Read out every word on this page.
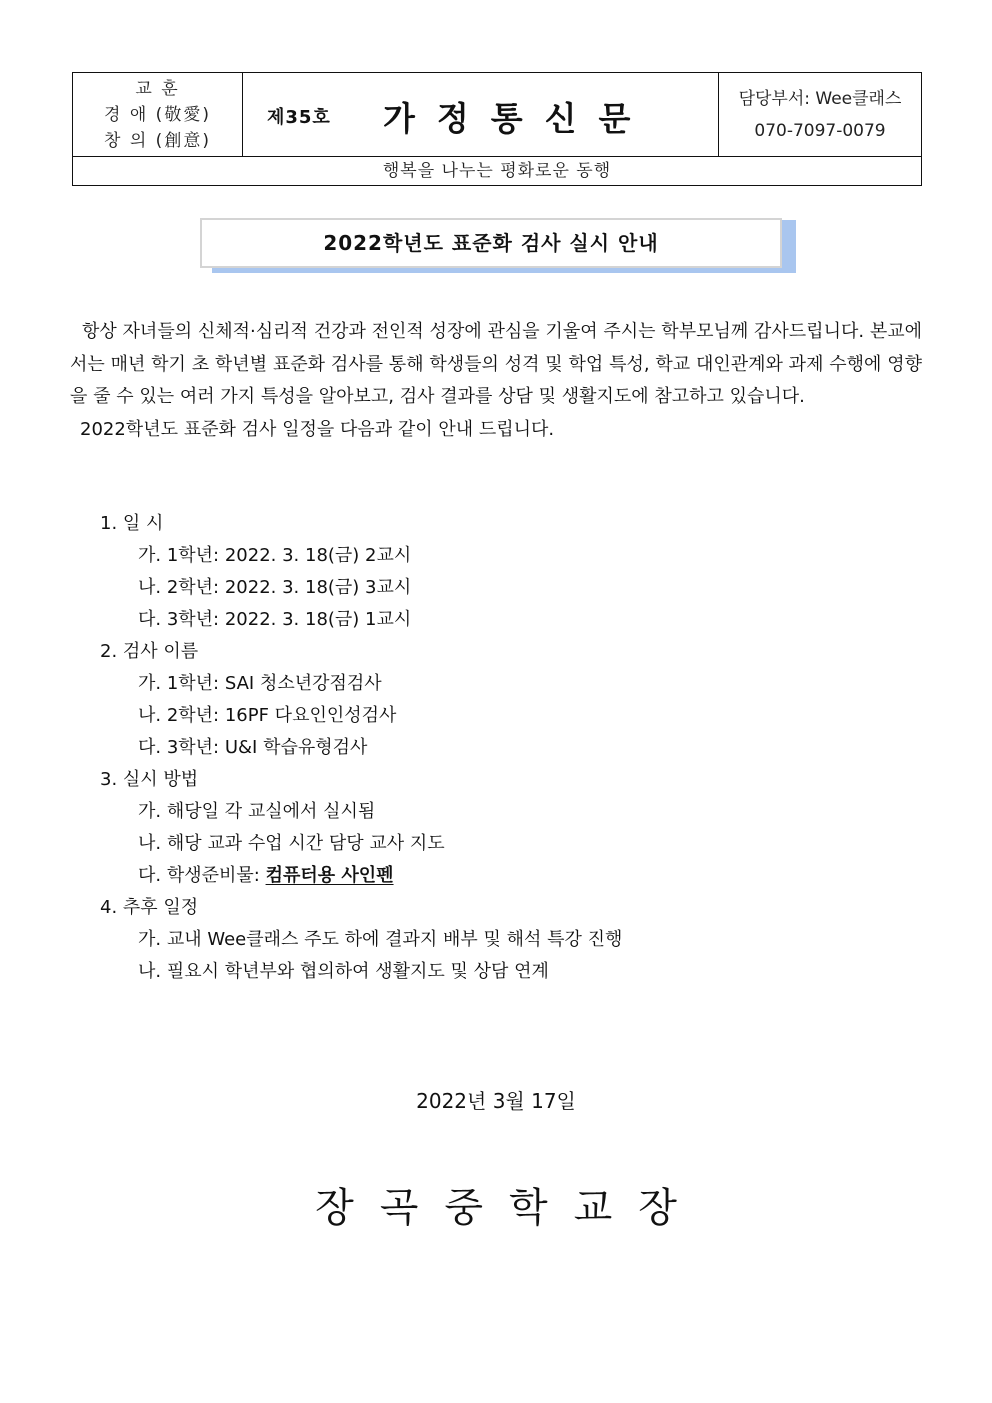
교 훈
경 애 (敬愛)
창 의 (創意)
제35호 가정통신문
담당부서: Wee클래스
070-7097-0079
행복을 나누는 평화로운 동행
2022학년도 표준화 검사 실시 안내

항상 자녀들의 신체적·심리적 건강과 전인적 성장에 관심을 기울여 주시는 학부모님께 감사드립니다. 본교에서는 매년 학기 초 학년별 표준화 검사를 통해 학생들의 성격 및 학업 특성, 학교 대인관계와 과제 수행에 영향을 줄 수 있는 여러 가지 특성을 알아보고, 검사 결과를 상담 및 생활지도에 참고하고 있습니다.

2022학년도 표준화 검사 일정을 다음과 같이 안내 드립니다.

1. 일 시
가. 1학년: 2022. 3. 18(금) 2교시
나. 2학년: 2022. 3. 18(금) 3교시
다. 3학년: 2022. 3. 18(금) 1교시
2. 검사 이름
가. 1학년: SAI 청소년강점검사
나. 2학년: 16PF 다요인인성검사
다. 3학년: U&I 학습유형검사
3. 실시 방법
가. 해당일 각 교실에서 실시됨
나. 해당 교과 수업 시간 담당 교사 지도
다. 학생준비물: 컴퓨터용 사인펜
4. 추후 일정
가. 교내 Wee클래스 주도 하에 결과지 배부 및 해석 특강 진행
나. 필요시 학년부와 협의하여 생활지도 및 상담 연계
2022년 3월 17일
장곡중학교장
